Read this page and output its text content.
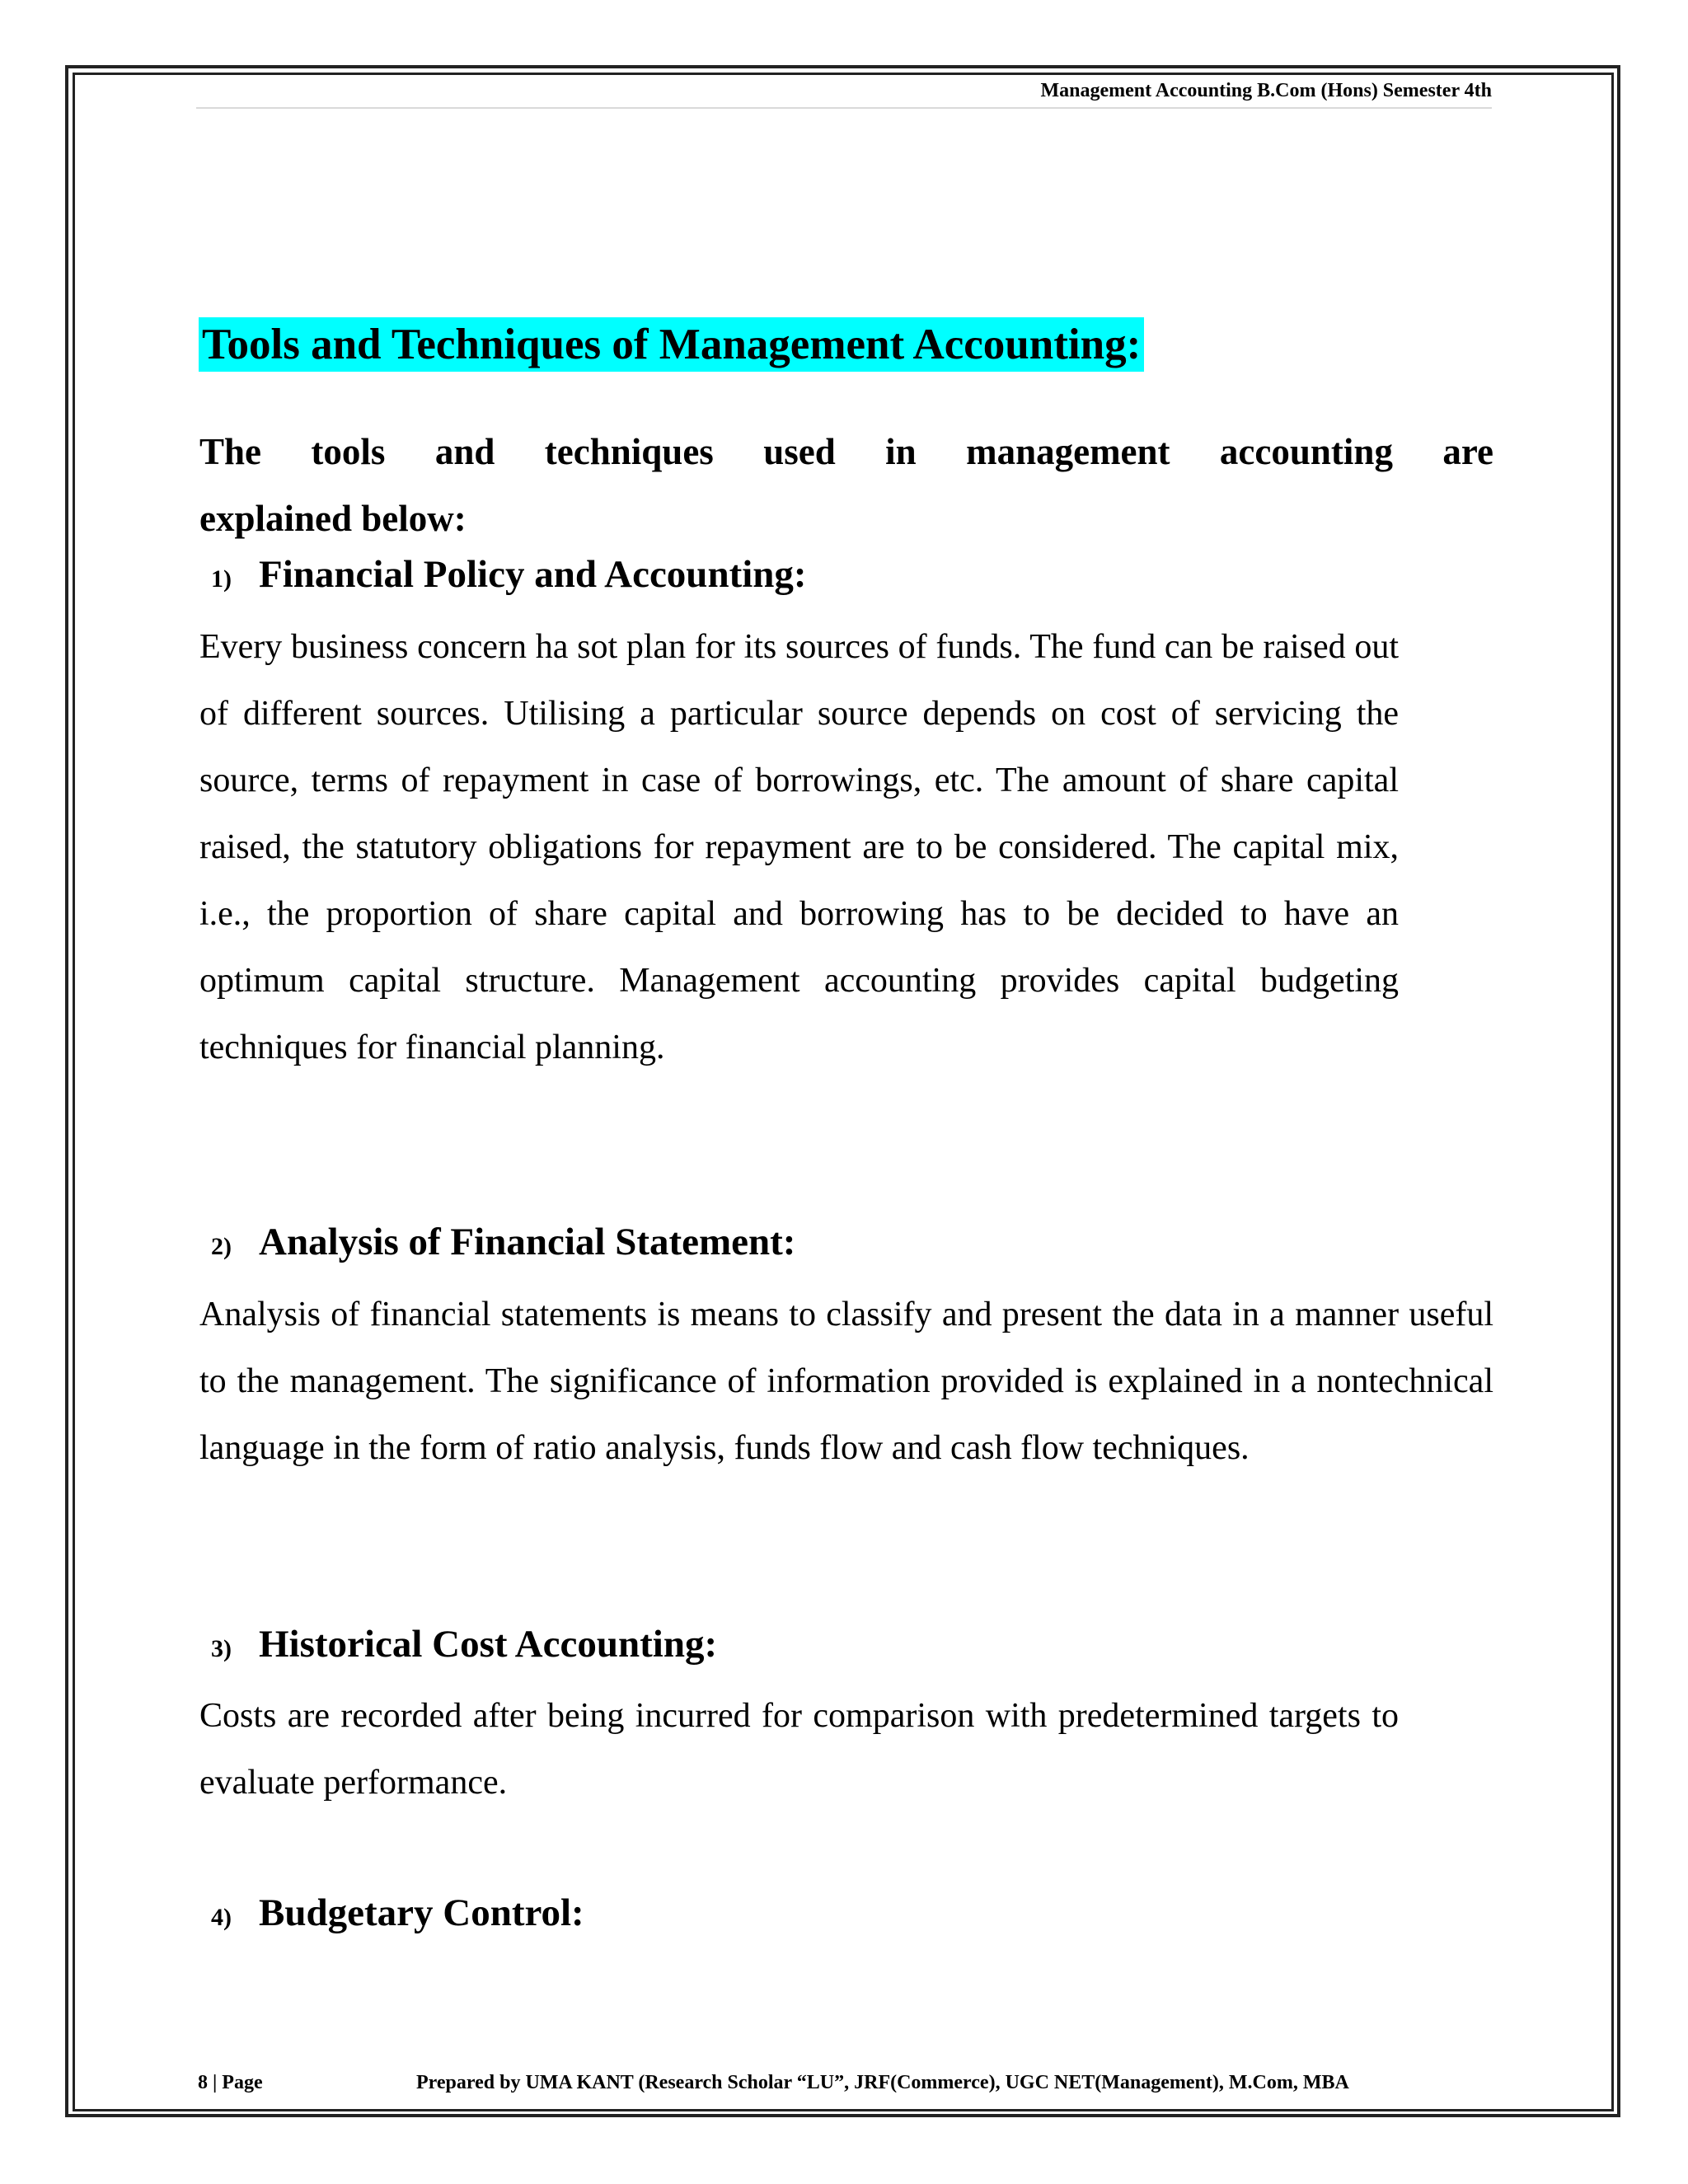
Management Accounting B.Com (Hons) Semester 4th
Tools and Techniques of Management Accounting:
The tools and techniques used in management accounting are
explained below:
1) Financial Policy and Accounting:
Every business concern ha sot plan for its sources of funds. The fund can be raised out of different sources. Utilising a particular source depends on cost of servicing the source, terms of repayment in case of borrowings, etc. The amount of share capital raised, the statutory obligations for repayment are to be considered. The capital mix, i.e., the proportion of share capital and borrowing has to be decided to have an optimum capital structure. Management accounting provides capital budgeting techniques for financial planning.
2) Analysis of Financial Statement:
Analysis of financial statements is means to classify and present the data in a manner useful to the management. The significance of information provided is explained in a nontechnical language in the form of ratio analysis, funds flow and cash flow techniques.
3) Historical Cost Accounting:
Costs are recorded after being incurred for comparison with predetermined targets to evaluate performance.
4) Budgetary Control:
8 | Page	Prepared by UMA KANT (Research Scholar “LU”, JRF(Commerce), UGC NET(Management), M.Com, MBA
